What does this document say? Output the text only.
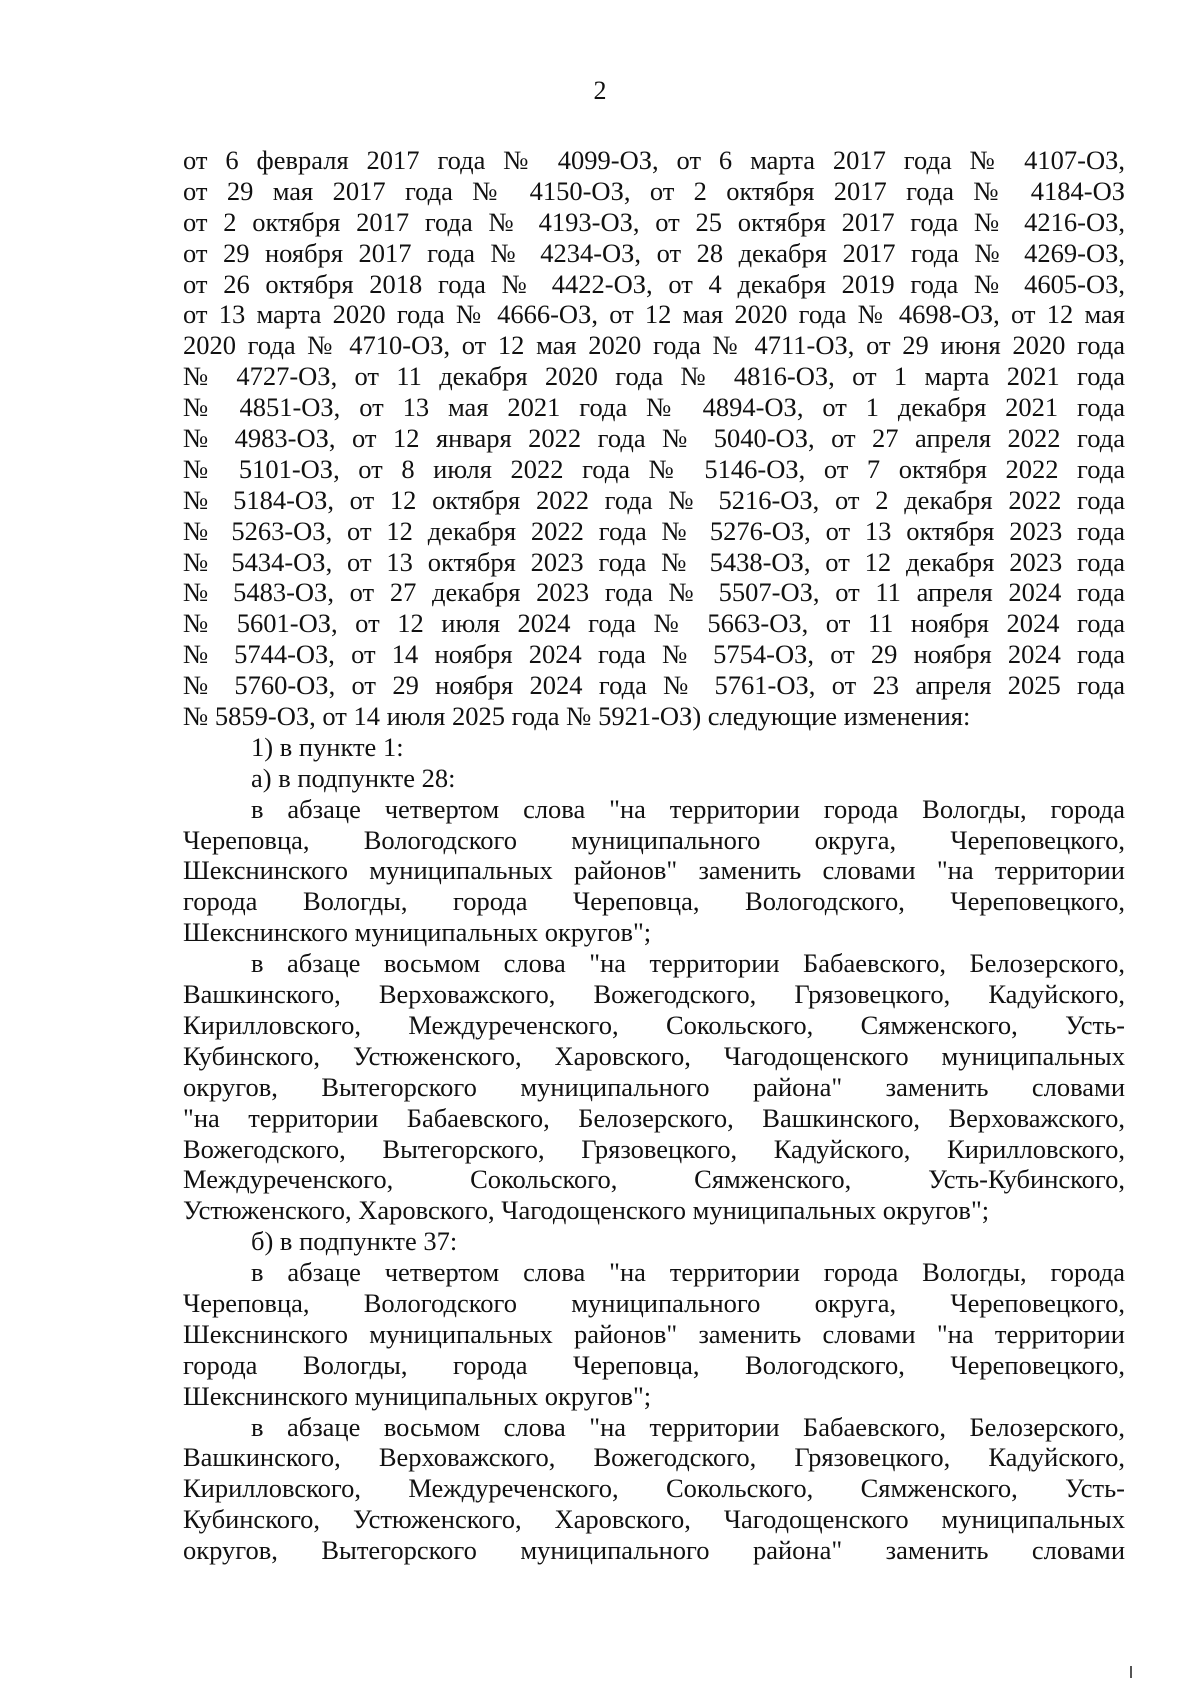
2
от 6 февраля 2017 года № 4099-ОЗ, от 6 марта 2017 года № 4107-ОЗ,
от 29 мая 2017 года № 4150-ОЗ, от 2 октября 2017 года № 4184-ОЗ
от 2 октября 2017 года № 4193-ОЗ, от 25 октября 2017 года № 4216-ОЗ,
от 29 ноября 2017 года № 4234-ОЗ, от 28 декабря 2017 года № 4269-ОЗ,
от 26 октября 2018 года № 4422-ОЗ, от 4 декабря 2019 года № 4605-ОЗ,
от 13 марта 2020 года № 4666-ОЗ, от 12 мая 2020 года № 4698-ОЗ, от 12 мая
2020 года № 4710-ОЗ, от 12 мая 2020 года № 4711-ОЗ, от 29 июня 2020 года
№ 4727-ОЗ, от 11 декабря 2020 года № 4816-ОЗ, от 1 марта 2021 года
№ 4851-ОЗ, от 13 мая 2021 года № 4894-ОЗ, от 1 декабря 2021 года
№ 4983-ОЗ, от 12 января 2022 года № 5040-ОЗ, от 27 апреля 2022 года
№ 5101-ОЗ, от 8 июля 2022 года № 5146-ОЗ, от 7 октября 2022 года
№ 5184-ОЗ, от 12 октября 2022 года № 5216-ОЗ, от 2 декабря 2022 года
№ 5263-ОЗ, от 12 декабря 2022 года № 5276-ОЗ, от 13 октября 2023 года
№ 5434-ОЗ, от 13 октября 2023 года № 5438-ОЗ, от 12 декабря 2023 года
№ 5483-ОЗ, от 27 декабря 2023 года № 5507-ОЗ, от 11 апреля 2024 года
№ 5601-ОЗ, от 12 июля 2024 года № 5663-ОЗ, от 11 ноября 2024 года
№ 5744-ОЗ, от 14 ноября 2024 года № 5754-ОЗ, от 29 ноября 2024 года
№ 5760-ОЗ, от 29 ноября 2024 года № 5761-ОЗ, от 23 апреля 2025 года
№ 5859-ОЗ, от 14 июля 2025 года № 5921-ОЗ) следующие изменения:
1) в пункте 1:
а) в подпункте 28:
в абзаце четвертом слова "на территории города Вологды, города
Череповца, Вологодского муниципального округа, Череповецкого,
Шекснинского муниципальных районов" заменить словами "на территории
города Вологды, города Череповца, Вологодского, Череповецкого,
Шекснинского муниципальных округов";
в абзаце восьмом слова "на территории Бабаевского, Белозерского,
Вашкинского, Верховажского, Вожегодского, Грязовецкого, Кадуйского,
Кирилловского, Междуреченского, Сокольского, Сямженского, Усть-
Кубинского, Устюженского, Харовского, Чагодощенского муниципальных
округов, Вытегорского муниципального района" заменить словами
"на территории Бабаевского, Белозерского, Вашкинского, Верховажского,
Вожегодского, Вытегорского, Грязовецкого, Кадуйского, Кирилловского,
Междуреченского, Сокольского, Сямженского, Усть-Кубинского,
Устюженского, Харовского, Чагодощенского муниципальных округов";
б) в подпункте 37:
в абзаце четвертом слова "на территории города Вологды, города
Череповца, Вологодского муниципального округа, Череповецкого,
Шекснинского муниципальных районов" заменить словами "на территории
города Вологды, города Череповца, Вологодского, Череповецкого,
Шекснинского муниципальных округов";
в абзаце восьмом слова "на территории Бабаевского, Белозерского,
Вашкинского, Верховажского, Вожегодского, Грязовецкого, Кадуйского,
Кирилловского, Междуреченского, Сокольского, Сямженского, Усть-
Кубинского, Устюженского, Харовского, Чагодощенского муниципальных
округов, Вытегорского муниципального района" заменить словами
